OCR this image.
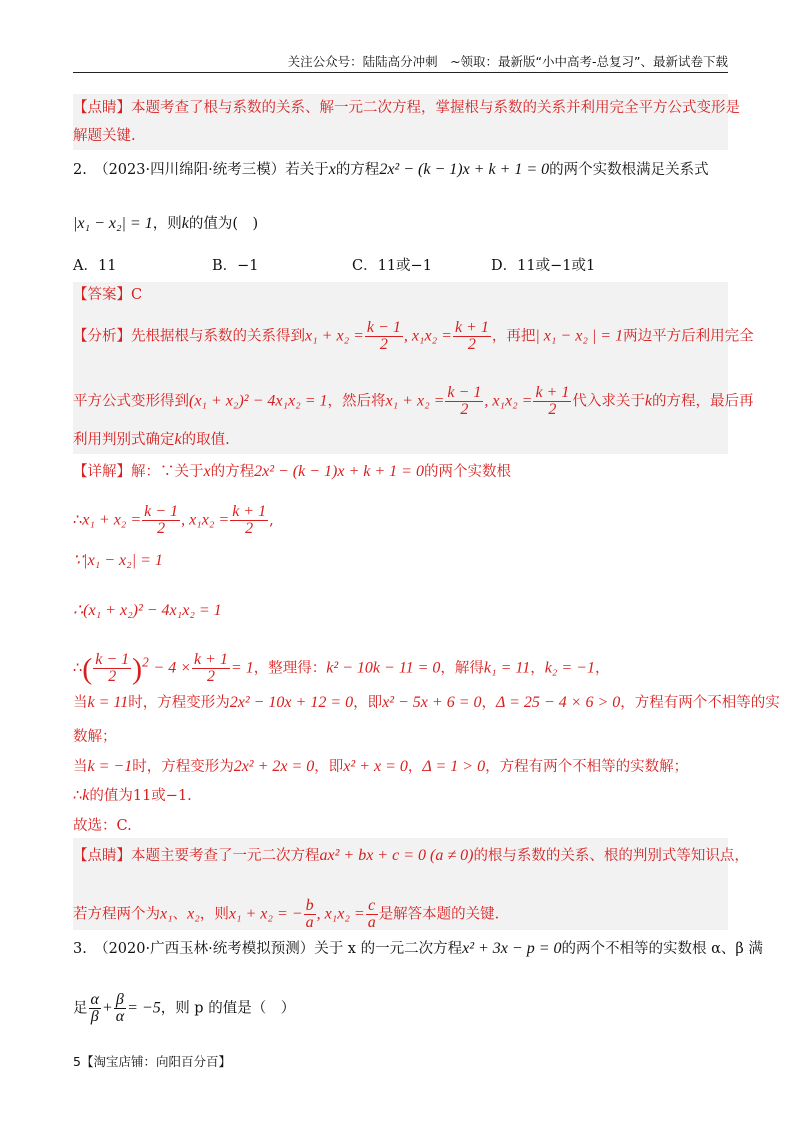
关注公众号：陆陆高分冲刺　~领取：最新版“小中高考-总复习”、最新试卷下载
【点睛】本题考查了根与系数的关系、解一元二次方程，掌握根与系数的关系并利用完全平方公式变形是
解题关键.
2.　（2023·四川绵阳·统考三模）若关于x的方程2x² − (k − 1)x + k + 1 = 0的两个实数根满足关系式
|x₁ − x₂| = 1，则k的值为(　)
A．11	B．−1	C．11或−1	D．11或−1或1
【答案】C
【分析】先根据根与系数的关系得到$x_1 + x_2 = \frac{k - 1}{2}$ , $x_1x_2 = \frac{k + 1}{2}$ ，再把| x₁ − x₂ | = 1两边平方后利用完全
平方公式变形得到(x₁ + x₂)² − 4x₁x₂ = 1，然后将$x_1 + x_2 = \frac{k - 1}{2}$ , $x_1x_2 = \frac{k + 1}{2}$ 代入求关于k的方程，最后再
利用判别式确定k的取值.
【详解】解：∵关于x的方程2x² − (k − 1)x + k + 1 = 0的两个实数根
∴x₁ + $x_2 = \frac{k - 1}{2}$ , $x_1x_2 = \frac{k + 1}{2}$ ,
∵|x₁ − x₂| = 1
∴(x₁ + x₂)² − 4x₁x₂ = 1
∴( $\frac{k - 1}{2} )^2 - 4 \times \frac{k + 1}{2} = 1$，整理得：k² − 10k − 11 = 0，解得k₁ = 11，k₂ = −1，
当k = 11时，方程变形为2x² − 10x + 12 = 0，即x² − 5x + 6 = 0，Δ = 25 − 4 × 6 > 0，方程有两个不相等的实
数解；
当k = −1时，方程变形为2x² + 2x = 0，即x² + x = 0，Δ = 1 > 0，方程有两个不相等的实数解；
∴k的值为11或−1.
故选：C.
【点睛】本题主要考查了一元二次方程ax² + bx + c = 0 (a ≠ 0)的根与系数的关系、根的判别式等知识点，
若方程两个为x₁、x₂，则x₁ + x₂ = − $\frac{b}{a}$ , $x_1x_2 = \frac{c}{a}$ 是解答本题的关键.
3.　（2020·广西玉林·统考模拟预测）关于 x 的一元二次方程x² + 3x − p = 0的两个不相等的实数根 α、β 满
足 $\frac{\alpha}{\beta} + \frac{\beta}{\alpha} = -5$，则 p 的值是（　）
5【淘宝店铺：向阳百分百】
